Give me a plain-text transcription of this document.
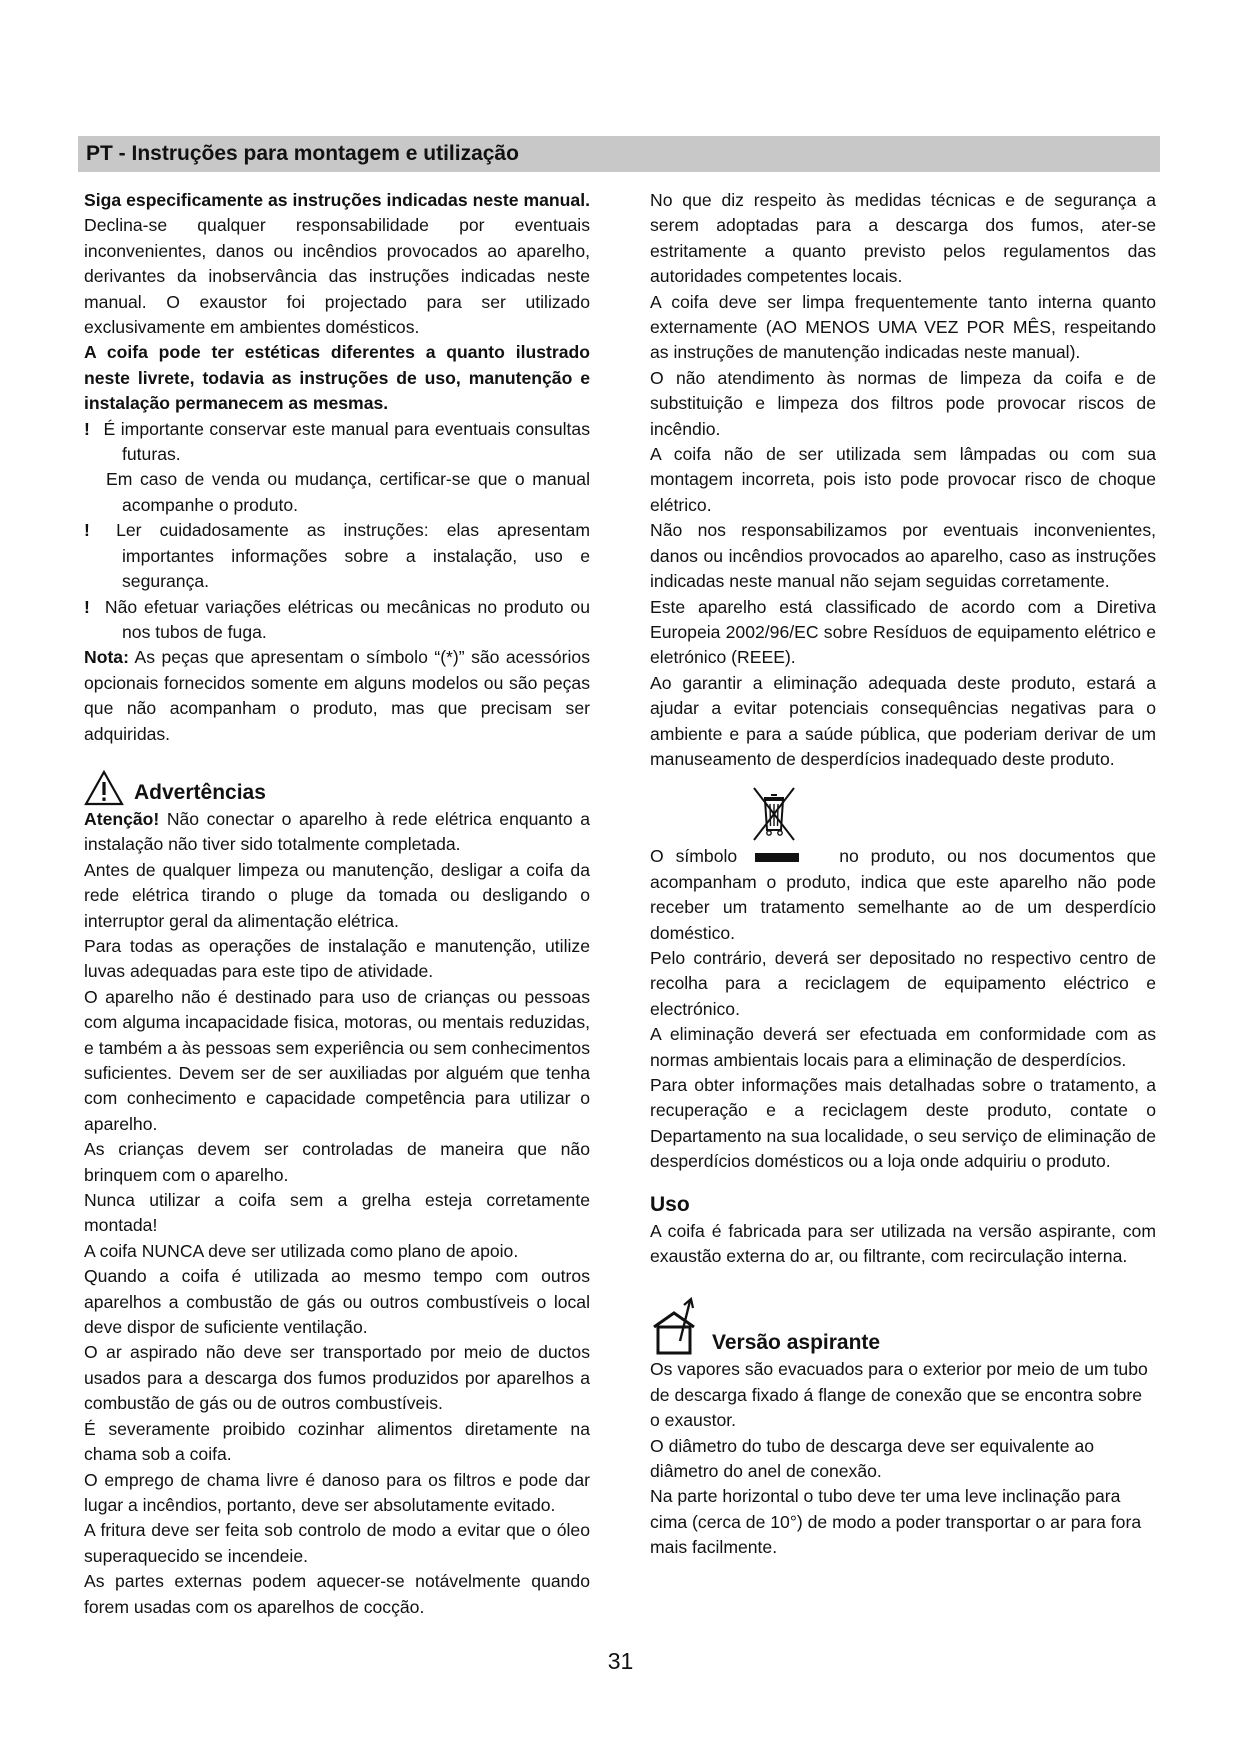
PT - Instruções para montagem e utilização

Siga especificamente as instruções indicadas neste manual. Declina-se qualquer responsabilidade por eventuais inconvenientes, danos ou incêndios provocados ao aparelho, derivantes da inobservância das instruções indicadas neste manual. O exaustor foi projectado para ser utilizado exclusivamente em ambientes domésticos.

A coifa pode ter estéticas diferentes a quanto ilustrado neste livrete, todavia as instruções de uso, manutenção e instalação permanecem as mesmas.

! É importante conservar este manual para eventuais consultas futuras.

Em caso de venda ou mudança, certificar-se que o manual acompanhe o produto.

! Ler cuidadosamente as instruções: elas apresentam importantes informações sobre a instalação, uso e segurança.

! Não efetuar variações elétricas ou mecânicas no produto ou nos tubos de fuga.

Nota: As peças que apresentam o símbolo “(*)” são acessórios opcionais fornecidos somente em alguns modelos ou são peças que não acompanham o produto, mas que precisam ser adquiridas.

Advertências

Atenção! Não conectar o aparelho à rede elétrica enquanto a instalação não tiver sido totalmente completada.

Antes de qualquer limpeza ou manutenção, desligar a coifa da rede elétrica tirando o pluge da tomada ou desligando o interruptor geral da alimentação elétrica.

Para todas as operações de instalação e manutenção, utilize luvas adequadas para este tipo de atividade.

O aparelho não é destinado para uso de crianças ou pessoas com alguma incapacidade fisica, motoras, ou mentais reduzidas, e também a às pessoas sem experiência ou sem conhecimentos suficientes. Devem ser de ser auxiliadas por alguém que tenha com conhecimento e capacidade competência para utilizar o aparelho.

As crianças devem ser controladas de maneira que não brinquem com o aparelho.

Nunca utilizar a coifa sem a grelha esteja corretamente montada!

A coifa NUNCA deve ser utilizada como plano de apoio.

Quando a coifa é utilizada ao mesmo tempo com outros aparelhos a combustão de gás ou outros combustíveis o local deve dispor de suficiente ventilação.

O ar aspirado não deve ser transportado por meio de ductos usados para a descarga dos fumos produzidos por aparelhos a combustão de gás ou de outros combustíveis.

É severamente proibido cozinhar alimentos diretamente na chama sob a coifa.

O emprego de chama livre é danoso para os filtros e pode dar lugar a incêndios, portanto, deve ser absolutamente evitado.

A fritura deve ser feita sob controlo de modo a evitar que o óleo superaquecido se incendeie.

As partes externas podem aquecer-se notávelmente quando forem usadas com os aparelhos de cocção.

No que diz respeito às medidas técnicas e de segurança a serem adoptadas para a descarga dos fumos, ater-se estritamente a quanto previsto pelos regulamentos das autoridades competentes locais.

A coifa deve ser limpa frequentemente tanto interna quanto externamente (AO MENOS UMA VEZ POR MÊS, respeitando as instruções de manutenção indicadas neste manual).

O não atendimento às normas de limpeza da coifa e de substituição e limpeza dos filtros pode provocar riscos de incêndio.

A coifa não de ser utilizada sem lâmpadas ou com sua montagem incorreta, pois isto pode provocar risco de choque elétrico.

Não nos responsabilizamos por eventuais inconvenientes, danos ou incêndios provocados ao aparelho, caso as instruções indicadas neste manual não sejam seguidas corretamente.

Este aparelho está classificado de acordo com a Diretiva Europeia 2002/96/EC sobre Resíduos de equipamento elétrico e eletrónico (REEE).

Ao garantir a eliminação adequada deste produto, estará a ajudar a evitar potenciais consequências negativas para o ambiente e para a saúde pública, que poderiam derivar de um manuseamento de desperdícios inadequado deste produto.

O símbolo	no produto, ou nos documentos que acompanham o produto, indica que este aparelho não pode receber um tratamento semelhante ao de um desperdício doméstico.

Pelo contrário, deverá ser depositado no respectivo centro de recolha para a reciclagem de equipamento eléctrico e electrónico.

A eliminação deverá ser efectuada em conformidade com as normas ambientais locais para a eliminação de desperdícios.

Para obter informações mais detalhadas sobre o tratamento, a recuperação e a reciclagem deste produto, contate o Departamento na sua localidade, o seu serviço de eliminação de desperdícios domésticos ou a loja onde adquiriu o produto.

Uso

A coifa é fabricada para ser utilizada na versão aspirante, com exaustão externa do ar, ou filtrante, com recirculação interna.

Versão aspirante

Os vapores são evacuados para o exterior por meio de um tubo de descarga fixado á flange de conexão que se encontra sobre o exaustor.

O diâmetro do tubo de descarga deve ser equivalente ao diâmetro do anel de conexão.

Na parte horizontal o tubo deve ter uma leve inclinação para cima (cerca de 10°) de modo a poder transportar o ar para fora mais facilmente.

31
